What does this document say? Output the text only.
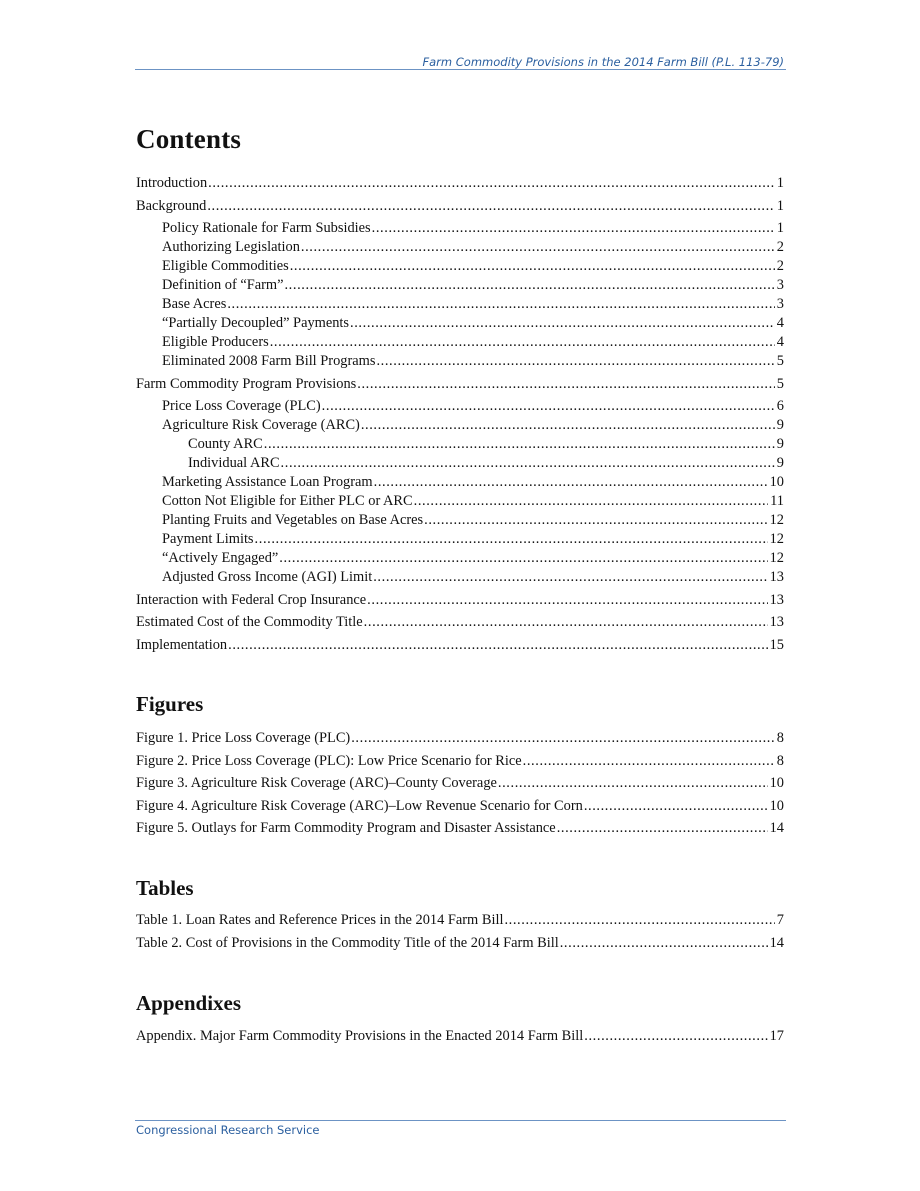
Farm Commodity Provisions in the 2014 Farm Bill (P.L. 113-79)
Contents
Introduction .....	1
Background .....	1
Policy Rationale for Farm Subsidies .....	1
Authorizing Legislation .....	2
Eligible Commodities .....	2
Definition of “Farm” .....	3
Base Acres .....	3
“Partially Decoupled” Payments .....	4
Eligible Producers .....	4
Eliminated 2008 Farm Bill Programs .....	5
Farm Commodity Program Provisions .....	5
Price Loss Coverage (PLC) .....	6
Agriculture Risk Coverage (ARC) .....	9
County ARC .....	9
Individual ARC .....	9
Marketing Assistance Loan Program .....	10
Cotton Not Eligible for Either PLC or ARC .....	11
Planting Fruits and Vegetables on Base Acres .....	12
Payment Limits .....	12
“Actively Engaged” .....	12
Adjusted Gross Income (AGI) Limit .....	13
Interaction with Federal Crop Insurance .....	13
Estimated Cost of the Commodity Title .....	13
Implementation .....	15
Figures
Figure 1. Price Loss Coverage (PLC) .....	8
Figure 2. Price Loss Coverage (PLC): Low Price Scenario for Rice .....	8
Figure 3. Agriculture Risk Coverage (ARC)–County Coverage .....	10
Figure 4. Agriculture Risk Coverage (ARC)–Low Revenue Scenario for Corn .....	10
Figure 5. Outlays for Farm Commodity Program and Disaster Assistance .....	14
Tables
Table 1. Loan Rates and Reference Prices in the 2014 Farm Bill .....	7
Table 2. Cost of Provisions in the Commodity Title of the 2014 Farm Bill .....	14
Appendixes
Appendix. Major Farm Commodity Provisions in the Enacted 2014 Farm Bill .....	17
Congressional Research Service
